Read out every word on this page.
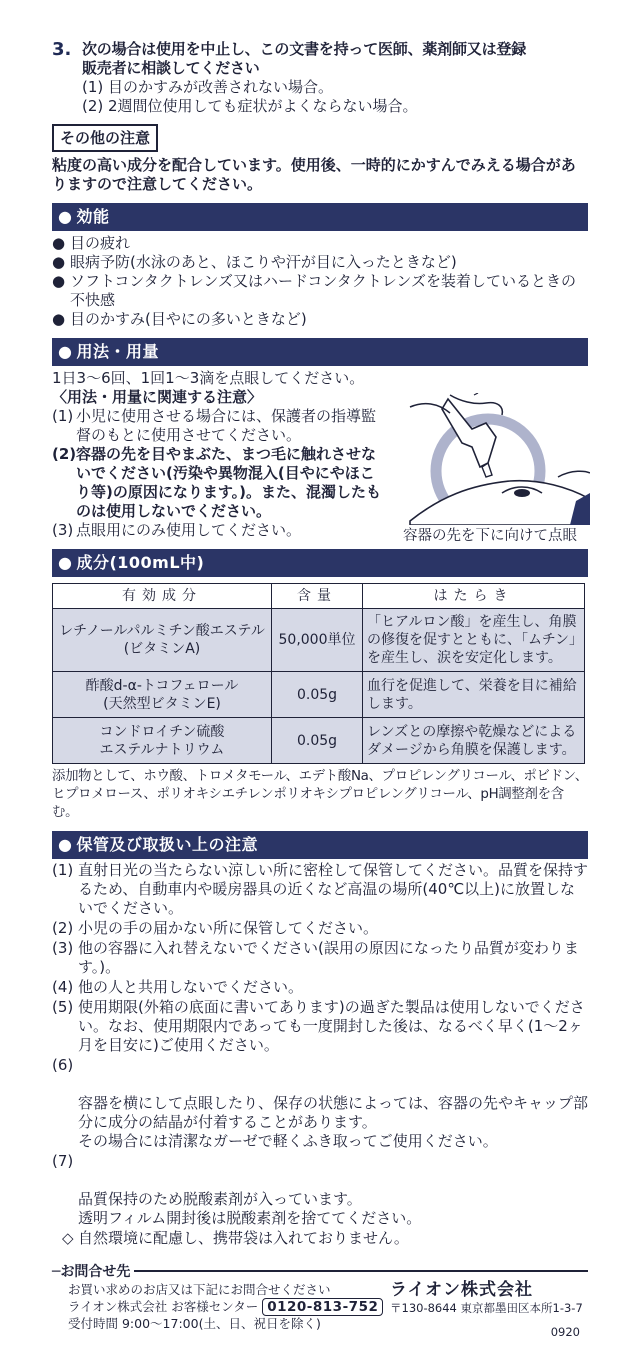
3. 次の場合は使用を中止し、この文書を持って医師、薬剤師又は登録
販売者に相談してください
(1) 目のかすみが改善されない場合。
(2) 2週間位使用しても症状がよくならない場合。
その他の注意
粘度の高い成分を配合しています。使用後、一時的にかすんでみえる場合がありますので注意してください。
● 効能
● 目の疲れ
● 眼病予防(水泳のあと、ほこりや汗が目に入ったときなど)
● ソフトコンタクトレンズ又はハードコンタクトレンズを装着しているときの不快感
● 目のかすみ(目やにの多いときなど)
● 用法・用量
1日3〜6回、1回1〜3滴を点眼してください。
〈用法・用量に関連する注意〉
(1) 小児に使用させる場合には、保護者の指導監督のもとに使用させてください。
(2) 容器の先を目やまぶた、まつ毛に触れさせないでください(汚染や異物混入(目やにやほこり等)の原因になります。)。また、混濁したものは使用しないでください。
(3) 点眼用にのみ使用してください。	容器の先を下に向けて点眼
● 成分(100mL中)
有効成分	含量	はたらき
レチノールパルミチン酸エステル
(ビタミンA)	50,000単位	「ヒアルロン酸」を産生し、角膜の修復を促すとともに、「ムチン」を産生し、涙を安定化します。
酢酸d-α-トコフェロール
(天然型ビタミンE)	0.05g	血行を促進して、栄養を目に補給します。
コンドロイチン硫酸
エステルナトリウム	0.05g	レンズとの摩擦や乾燥などによるダメージから角膜を保護します。
添加物として、ホウ酸、トロメタモール、エデト酸Na、プロピレングリコール、ポビドン、ヒプロメロース、ポリオキシエチレンポリオキシプロピレングリコール、pH調整剤を含む。
● 保管及び取扱い上の注意
(1) 直射日光の当たらない涼しい所に密栓して保管してください。品質を保持するため、自動車内や暖房器具の近くなど高温の場所(40℃以上)に放置しないでください。
(2) 小児の手の届かない所に保管してください。
(3) 他の容器に入れ替えないでください(誤用の原因になったり品質が変わります。)。
(4) 他の人と共用しないでください。
(5) 使用期限(外箱の底面に書いてあります)の過ぎた製品は使用しないでください。なお、使用期限内であっても一度開封した後は、なるべく早く(1〜2ヶ月を目安に)ご使用ください。

(6)

容器を横にして点眼したり、保存の状態によっては、容器の先やキャップ部分に成分の結晶が付着することがあります。
その場合には清潔なガーゼで軽くふき取ってご使用ください。

(7)

品質保持のため脱酸素剤が入っています。
透明フィルム開封後は脱酸素剤を捨ててください。

◇ 自然環境に配慮し、携帯袋は入れておりません。
─お問合せ先
お買い求めのお店又は下記にお問合せください
ライオン株式会社 お客様センター 0120-813-752
受付時間 9:00〜17:00(土、日、祝日を除く)
ライオン株式会社
〒130-8644 東京都墨田区本所1-3-7
0920
